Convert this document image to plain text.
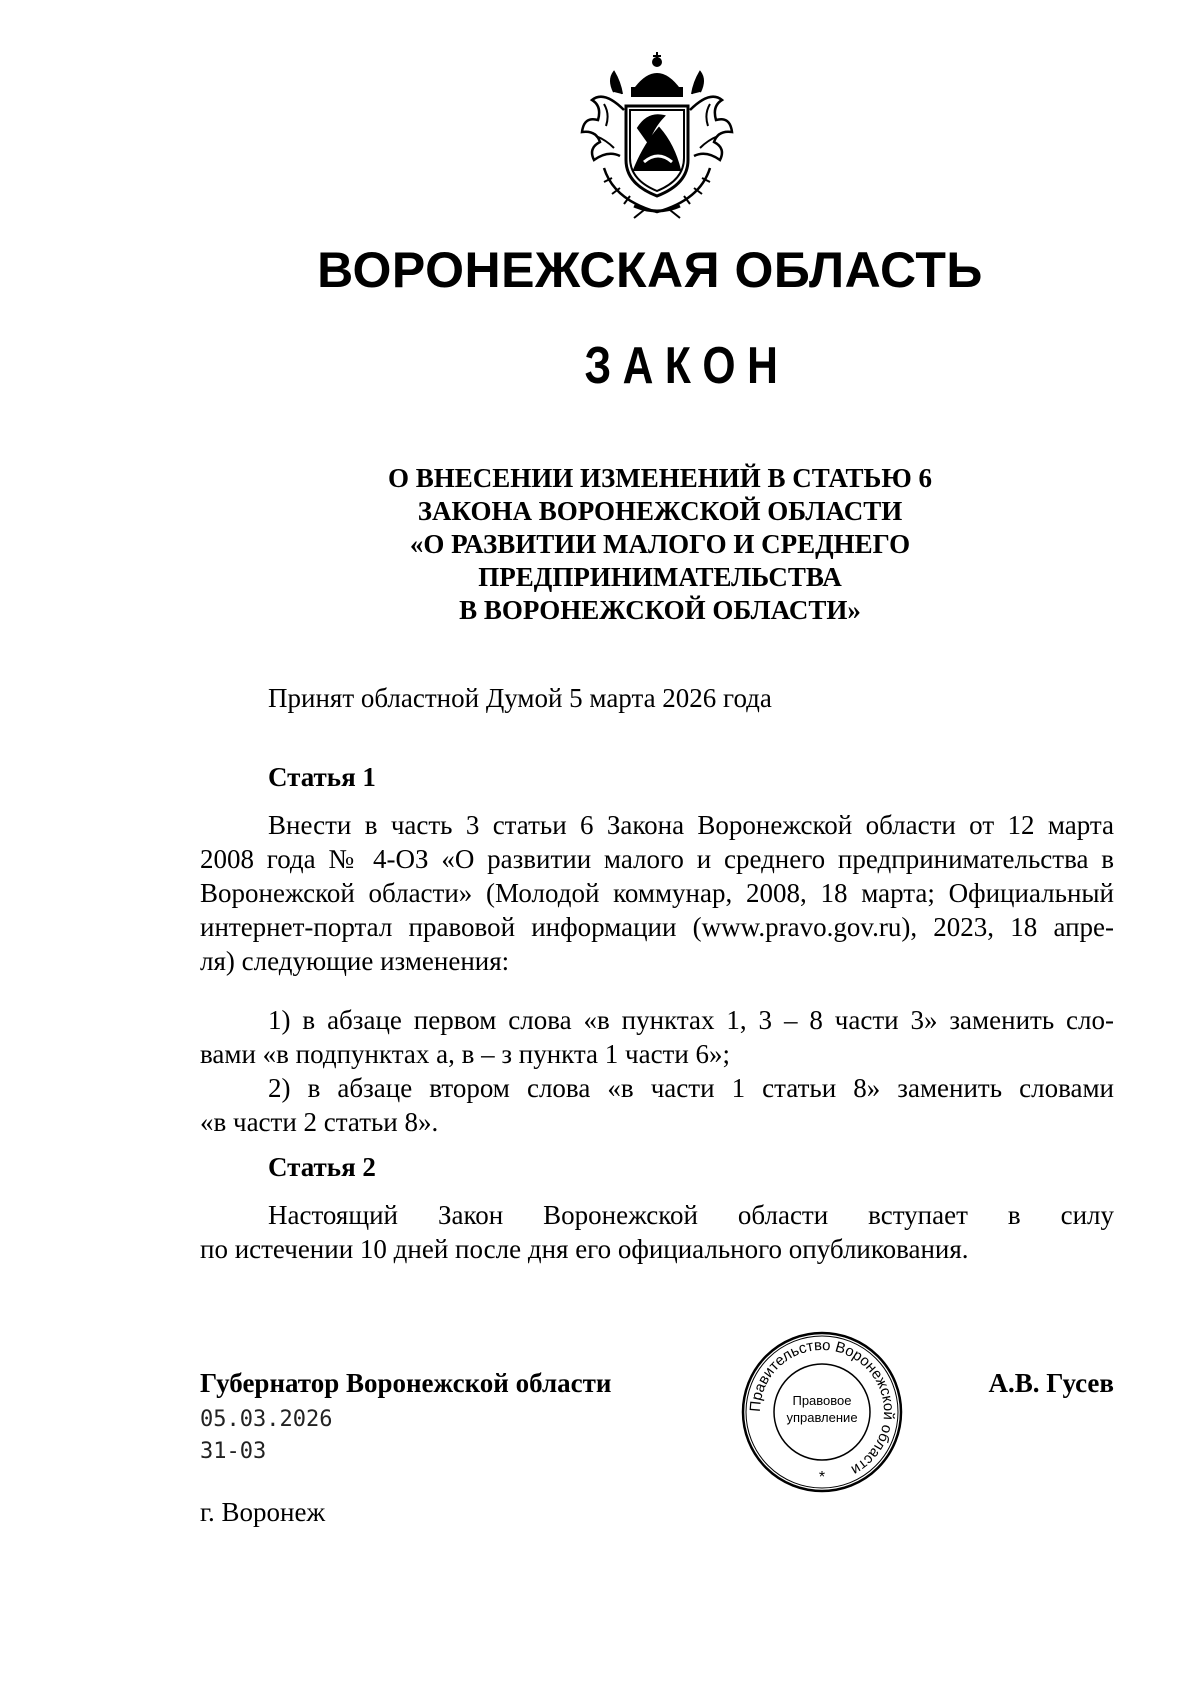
ВОРОНЕЖСКАЯ ОБЛАСТЬ
ЗАКОН
О ВНЕСЕНИИ ИЗМЕНЕНИЙ В СТАТЬЮ 6
ЗАКОНА ВОРОНЕЖСКОЙ ОБЛАСТИ
«О РАЗВИТИИ МАЛОГО И СРЕДНЕГО
ПРЕДПРИНИМАТЕЛЬСТВА
В ВОРОНЕЖСКОЙ ОБЛАСТИ»
Принят областной Думой 5 марта 2026 года
Статья 1
Внести в часть 3 статьи 6 Закона Воронежской области от 12 марта
2008 года № 4-ОЗ «О развитии малого и среднего предпринимательства в
Воронежской области» (Молодой коммунар, 2008, 18 марта; Официальный
интернет-портал правовой информации (www.pravo.gov.ru), 2023, 18 апре-
ля) следующие изменения:
1) в абзаце первом слова «в пунктах 1, 3 – 8 части 3» заменить сло-
вами «в подпунктах а, в – з пункта 1 части 6»;
2) в абзаце втором слова «в части 1 статьи 8» заменить словами
«в части 2 статьи 8».
Статья 2
Настоящий Закон Воронежской области вступает в силу
по истечении 10 дней после дня его официального опубликования.
Губернатор Воронежской области	А.В. Гусев
05.03.2026
31-03
г. Воронеж
Правительство Воронежской области
*
Правовое
управление
